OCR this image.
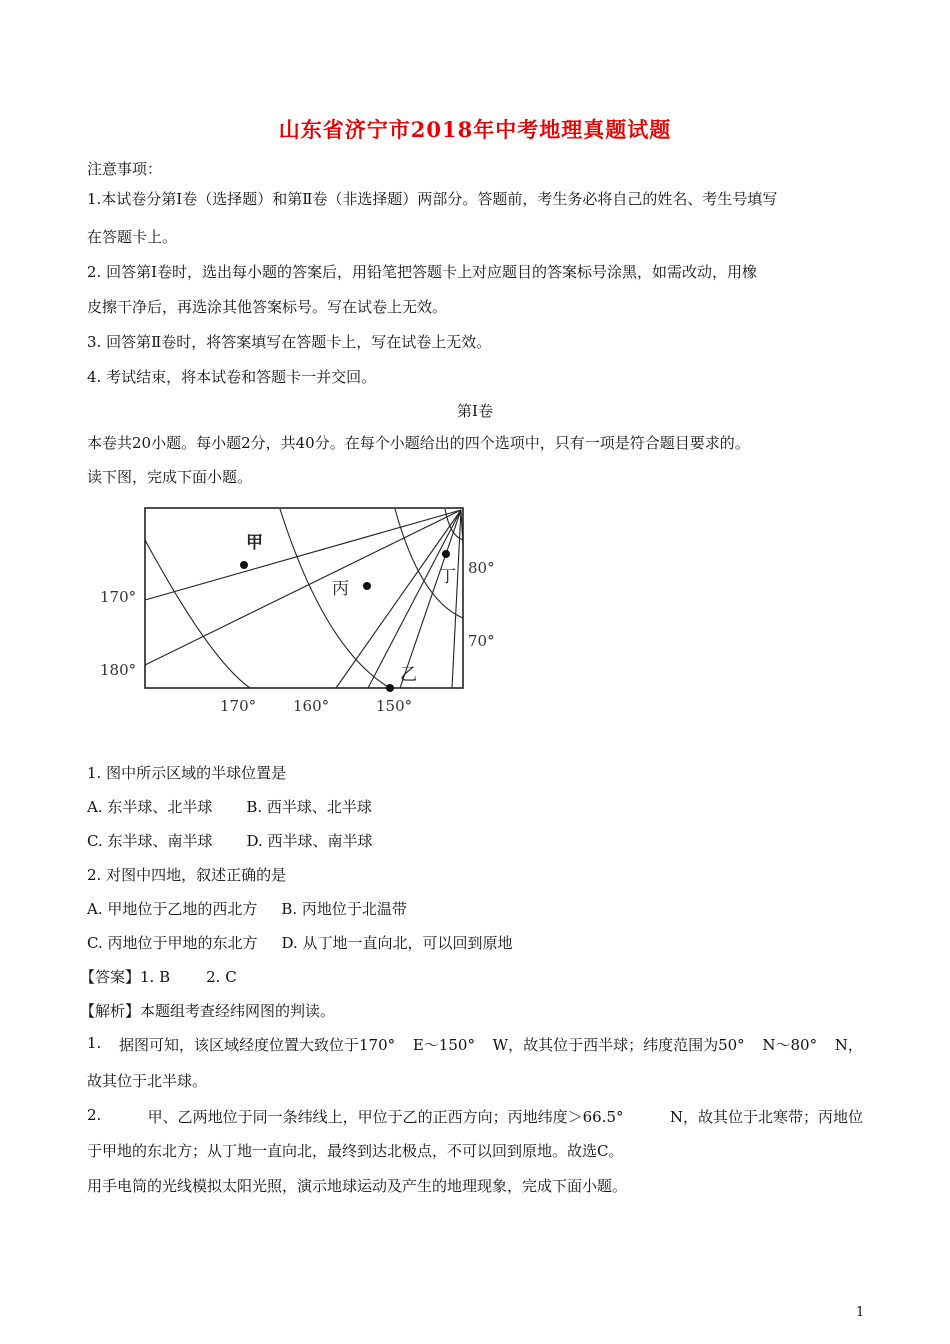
山东省济宁市2018年中考地理真题试题
注意事项：
1.本试卷分第Ⅰ卷（选择题）和第Ⅱ卷（非选择题）两部分。答题前，考生务必将自己的姓名、考生号填写
在答题卡上。
2. 回答第Ⅰ卷时，选出每小题的答案后，用铅笔把答题卡上对应题目的答案标号涂黑，如需改动，用橡
皮擦干净后，再选涂其他答案标号。写在试卷上无效。
3. 回答第Ⅱ卷时，将答案填写在答题卡上，写在试卷上无效。
4. 考试结束，将本试卷和答题卡一并交回。
第Ⅰ卷
本卷共20小题。每小题2分，共40分。在每个小题给出的四个选项中，只有一项是符合题目要求的。
读下图，完成下面小题。
甲
乙
丙
丁 80°
70°
170°
180°
170° 160°	150°
1. 图中所示区域的半球位置是
A. 东半球、北半球 B. 西半球、北半球
C. 东半球、南半球 D. 西半球、南半球
2. 对图中四地，叙述正确的是
A. 甲地位于乙地的西北方 B. 丙地位于北温带
C. 丙地位于甲地的东北方 D. 从丁地一直向北，可以回到原地
【答案】1. B 2. C
【解析】本题组考查经纬网图的判读。
1. 据图可知，该区域经度位置大致位于170° E～150° W，故其位于西半球；纬度范围为50° N～80° N，
故其位于北半球。
2.	甲、乙两地位于同一条纬线上，甲位于乙的正西方向；丙地纬度＞66.5°	N，故其位于北寒带；丙地位
于甲地的东北方；从丁地一直向北，最终到达北极点，不可以回到原地。故选C。
用手电筒的光线模拟太阳光照，演示地球运动及产生的地理现象，完成下面小题。
1
